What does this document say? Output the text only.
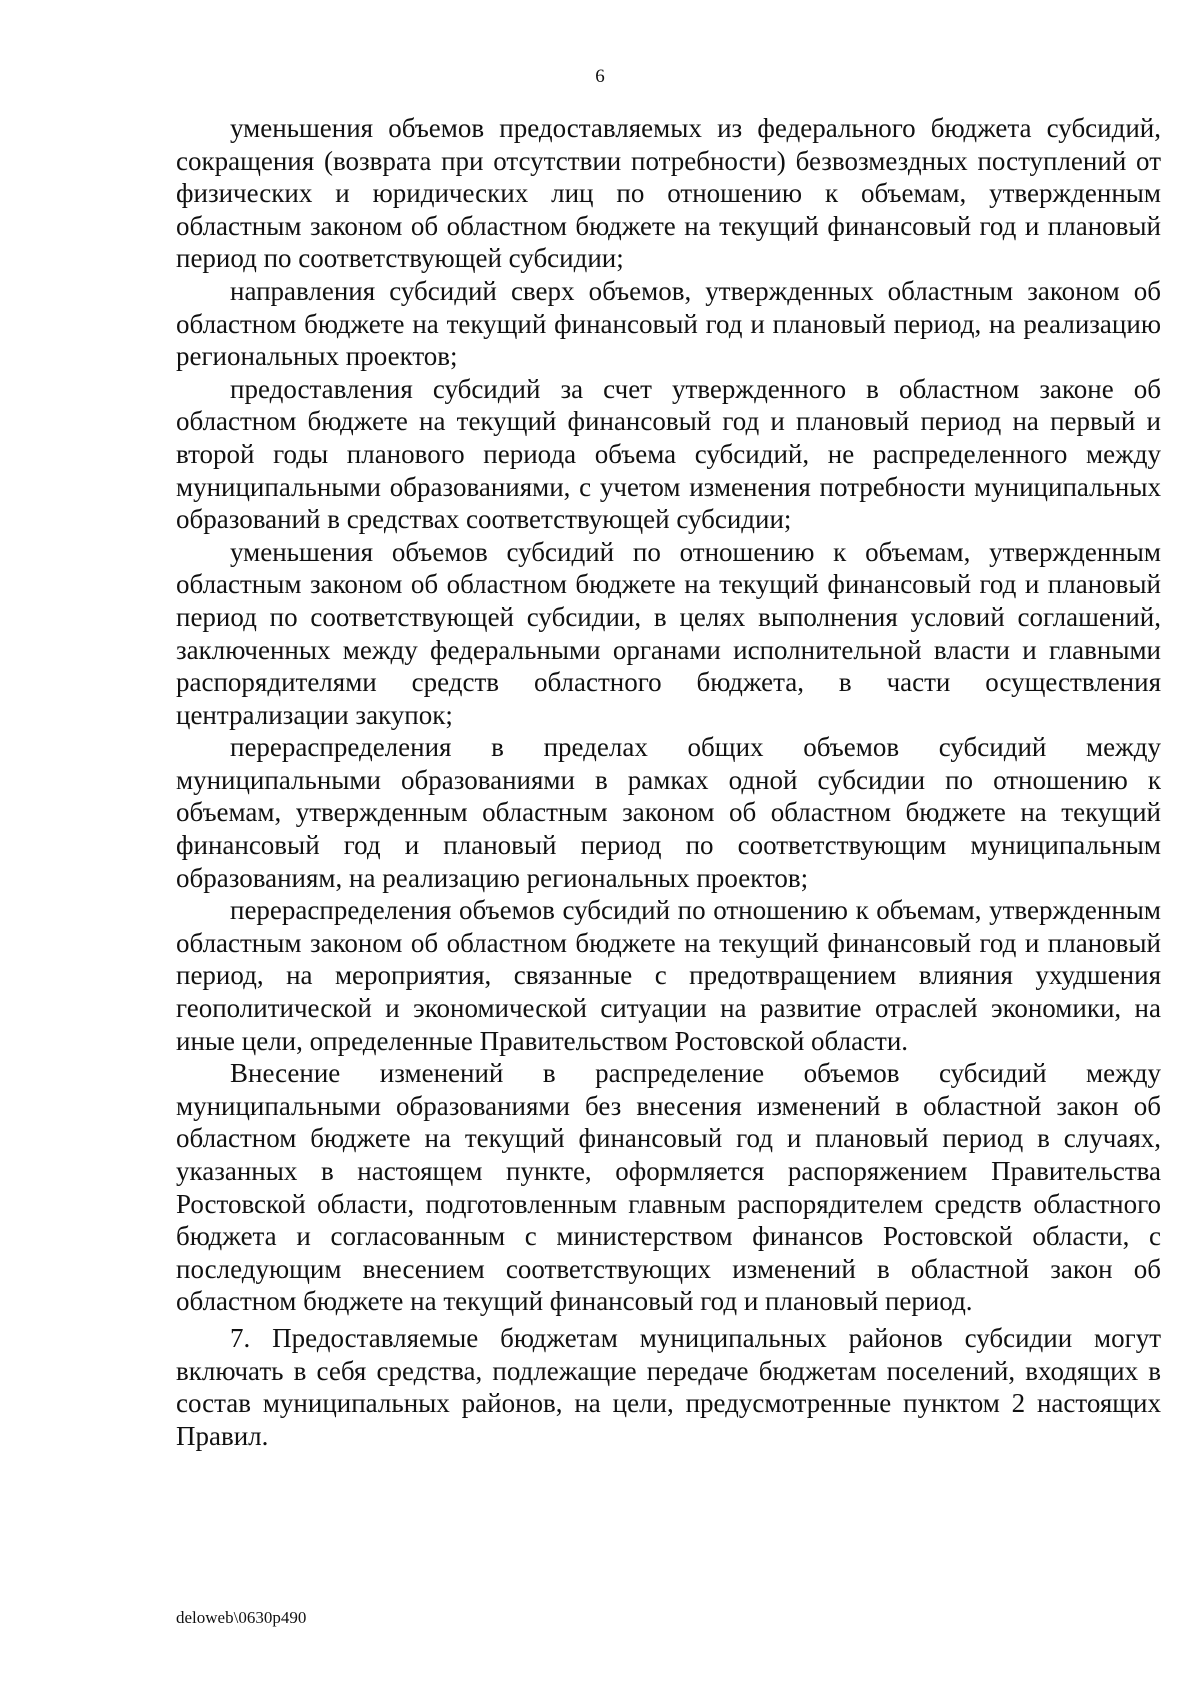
6

уменьшения объемов предоставляемых из федерального бюджета субсидий, сокращения (возврата при отсутствии потребности) безвозмездных поступлений от физических и юридических лиц по отношению к объемам, утвержденным областным законом об областном бюджете на текущий финансовый год и плановый период по соответствующей субсидии;

направления субсидий сверх объемов, утвержденных областным законом об областном бюджете на текущий финансовый год и плановый период, на реализацию региональных проектов;

предоставления субсидий за счет утвержденного в областном законе об областном бюджете на текущий финансовый год и плановый период на первый и второй годы планового периода объема субсидий, не распределенного между муниципальными образованиями, с учетом изменения потребности муниципальных образований в средствах соответствующей субсидии;

уменьшения объемов субсидий по отношению к объемам, утвержденным областным законом об областном бюджете на текущий финансовый год и плановый период по соответствующей субсидии, в целях выполнения условий соглашений, заключенных между федеральными органами исполнительной власти и главными распорядителями средств областного бюджета, в части осуществления централизации закупок;

перераспределения в пределах общих объемов субсидий между муниципальными образованиями в рамках одной субсидии по отношению к объемам, утвержденным областным законом об областном бюджете на текущий финансовый год и плановый период по соответствующим муниципальным образованиям, на реализацию региональных проектов;

перераспределения объемов субсидий по отношению к объемам, утвержденным областным законом об областном бюджете на текущий финансовый год и плановый период, на мероприятия, связанные с предотвращением влияния ухудшения геополитической и экономической ситуации на развитие отраслей экономики, на иные цели, определенные Правительством Ростовской области.

Внесение изменений в распределение объемов субсидий между муниципальными образованиями без внесения изменений в областной закон об областном бюджете на текущий финансовый год и плановый период в случаях, указанных в настоящем пункте, оформляется распоряжением Правительства Ростовской области, подготовленным главным распорядителем средств областного бюджета и согласованным с министерством финансов Ростовской области, с последующим внесением соответствующих изменений в областной закон об областном бюджете на текущий финансовый год и плановый период.

7. Предоставляемые бюджетам муниципальных районов субсидии могут включать в себя средства, подлежащие передаче бюджетам поселений, входящих в состав муниципальных районов, на цели, предусмотренные пунктом 2 настоящих Правил.

deloweb\0630p490
